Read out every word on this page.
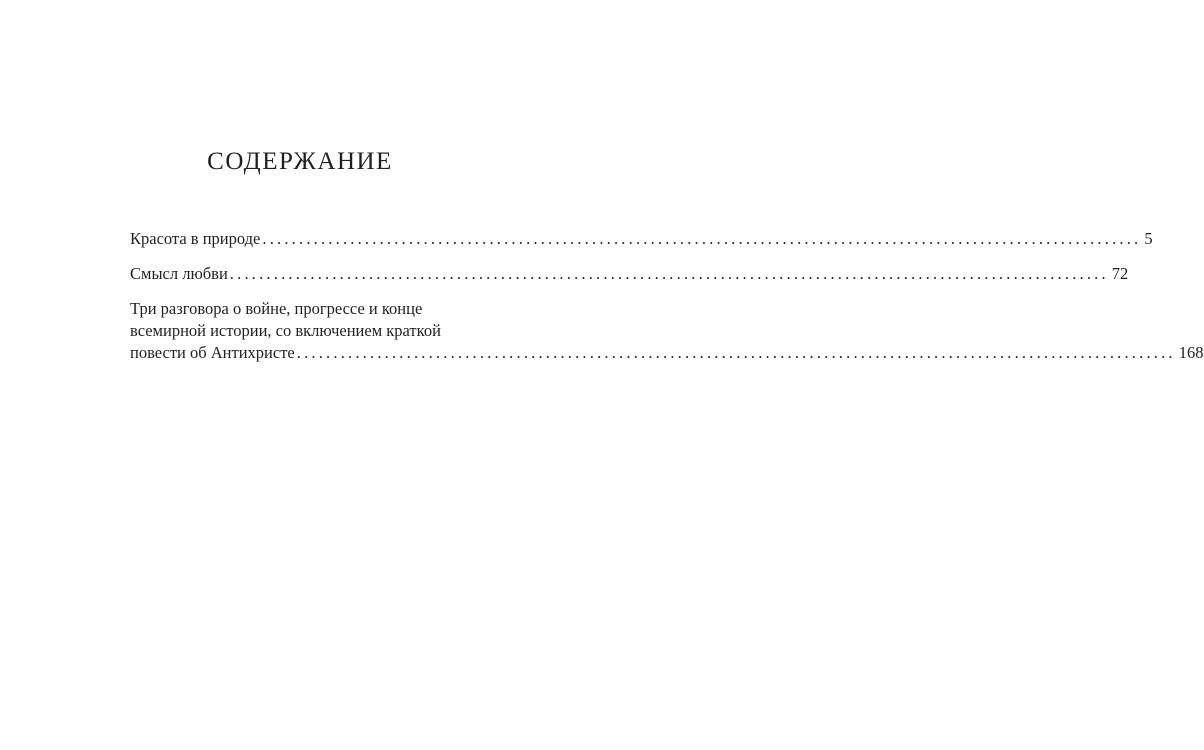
СОДЕРЖАНИЕ
Красота в природе ........................................................................................................................ 5
Смысл любви ........................................................................................................................ 72
Три разговора о войне, прогрессе и конце
всемирной истории, со включением краткой
повести об Антихристе ........................................................................................................................ 168
